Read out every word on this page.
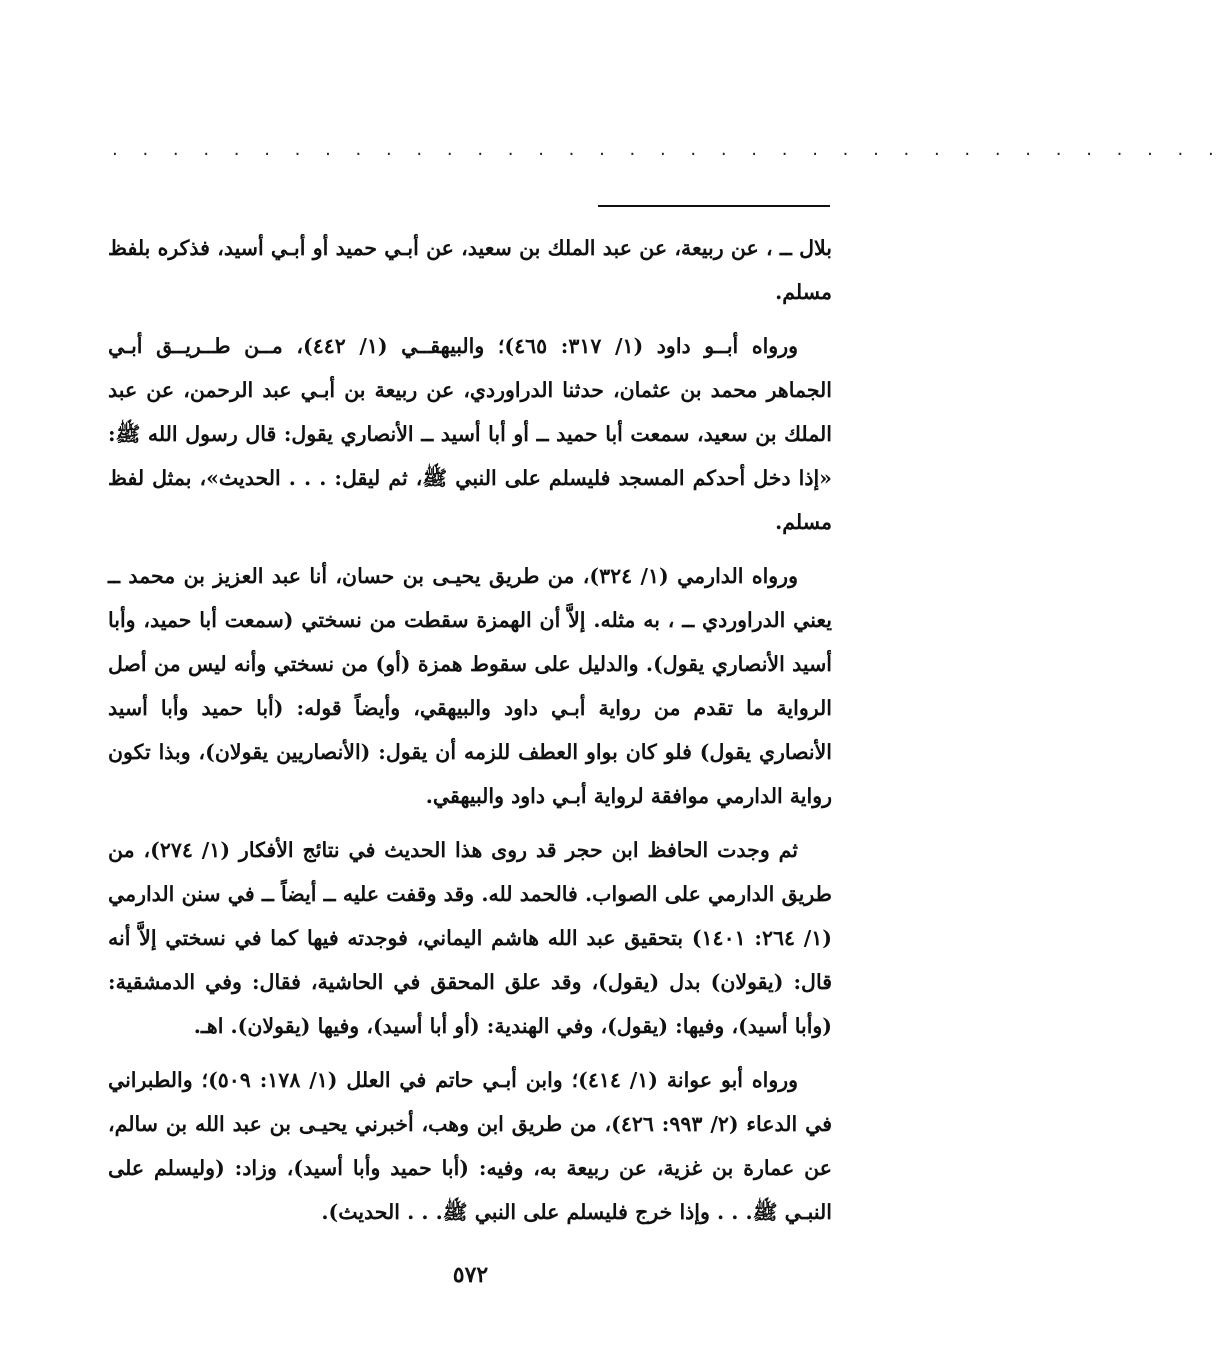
. . . . . . . . . . . . . . . . . . . . . . . . . . . . . . . . . . . . .

بلال ــ ، عن ربيعة، عن عبد الملك بن سعيد، عن أبـي حميد أو أبـي أسيد، فذكره بلفظ مسلم.

ورواه أبــو داود (١/ ٣١٧: ٤٦٥)؛ والبيهقــي (١/ ٤٤٢)، مــن طــريــق أبـي الجماهر محمد بن عثمان، حدثنا الدراوردي، عن ربيعة بن أبـي عبد الرحمن، عن عبد الملك بن سعيد، سمعت أبا حميد ــ أو أبا أسيد ــ الأنصاري يقول: قال رسول الله ﷺ: «إذا دخل أحدكم المسجد فليسلم على النبي ﷺ، ثم ليقل: . . . الحديث»، بمثل لفظ مسلم.

ورواه الدارمي (١/ ٣٢٤)، من طريق يحيـى بن حسان، أنا عبد العزيز بن محمد ــ يعني الدراوردي ــ ، به مثله. إلاَّ أن الهمزة سقطت من نسختي (سمعت أبا حميد، وأبا أسيد الأنصاري يقول). والدليل على سقوط همزة (أو) من نسختي وأنه ليس من أصل الرواية ما تقدم من رواية أبـي داود والبيهقي، وأيضاً قوله: (أبا حميد وأبا أسيد الأنصاري يقول) فلو كان بواو العطف للزمه أن يقول: (الأنصاريين يقولان)، وبذا تكون رواية الدارمي موافقة لرواية أبـي داود والبيهقي.

ثم وجدت الحافظ ابن حجر قد روى هذا الحديث في نتائج الأفكار (١/ ٢٧٤)، من طريق الدارمي على الصواب. فالحمد لله. وقد وقفت عليه ــ أيضاً ــ في سنن الدارمي (١/ ٢٦٤: ١٤٠١) بتحقيق عبد الله هاشم اليماني، فوجدته فيها كما في نسختي إلاَّ أنه قال: (يقولان) بدل (يقول)، وقد علق المحقق في الحاشية، فقال: وفي الدمشقية: (وأبا أسيد)، وفيها: (يقول)، وفي الهندية: (أو أبا أسيد)، وفيها (يقولان). اهـ.

ورواه أبو عوانة (١/ ٤١٤)؛ وابن أبـي حاتم في العلل (١/ ١٧٨: ٥٠٩)؛ والطبراني في الدعاء (٢/ ٩٩٣: ٤٢٦)، من طريق ابن وهب، أخبرني يحيـى بن عبد الله بن سالم، عن عمارة بن غزية، عن ربيعة به، وفيه: (أبا حميد وأبا أسيد)، وزاد: (وليسلم على النبـي ﷺ. . . وإذا خرج فليسلم على النبي ﷺ. . . الحديث).

٥٧٢
